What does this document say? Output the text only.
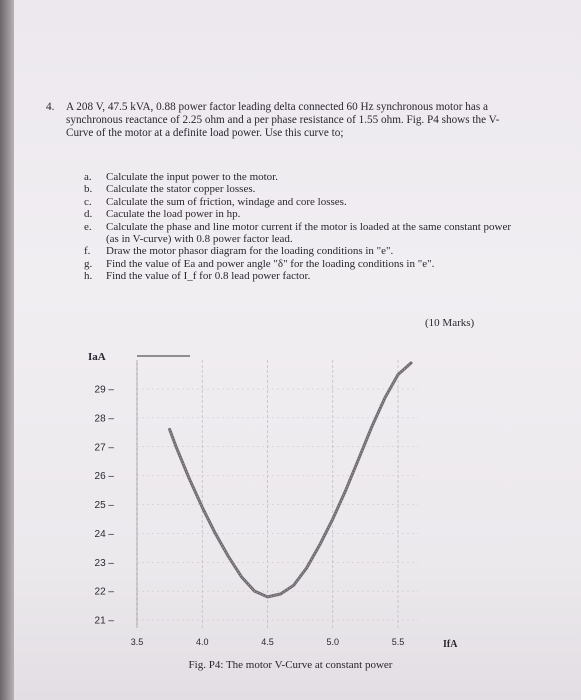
4. A 208 V, 47.5 kVA, 0.88 power factor leading delta connected 60 Hz synchronous motor has a synchronous reactance of 2.25 ohm and a per phase resistance of 1.55 ohm. Fig. P4 shows the V-Curve of the motor at a definite load power. Use this curve to;
a. Calculate the input power to the motor.
b. Calculate the stator copper losses.
c. Calculate the sum of friction, windage and core losses.
d. Caculate the load power in hp.
e. Calculate the phase and line motor current if the motor is loaded at the same constant power (as in V-curve) with 0.8 power factor lead.
f. Draw the motor phasor diagram for the loading conditions in "e".
g. Find the value of Ea and power angle "δ" for the loading conditions in "e".
h. Find the value of I_f for 0.8 lead power factor.
(10 Marks)
IaA
IfA
3.5	4.0	4.5	5.0	5.5
29 –
28 –
27 –
26 –
25 –
24 –
23 –
22 –
21 –
Fig. P4: The motor V-Curve at constant power
